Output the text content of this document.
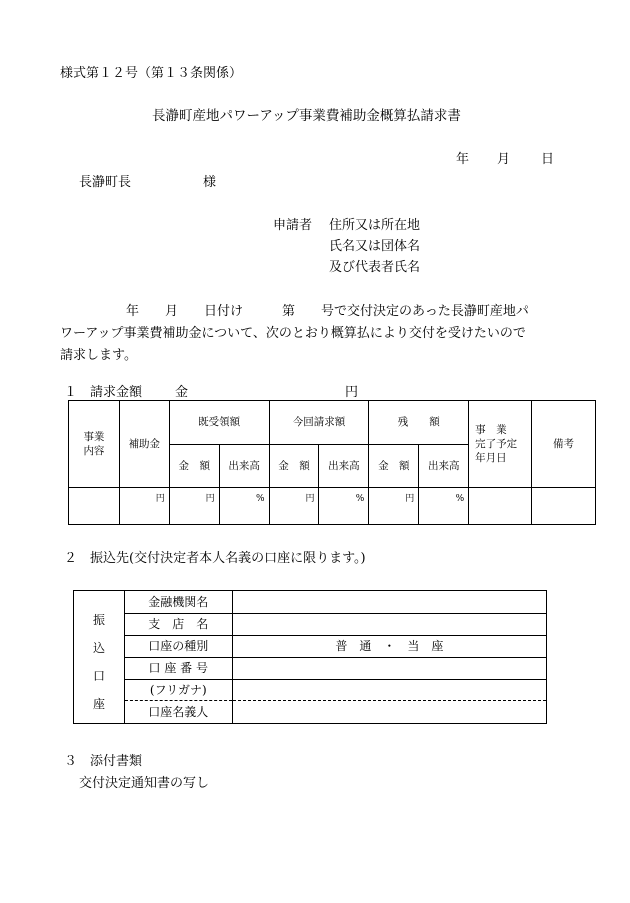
様式第１２号（第１３条関係）
長瀞町産地パワーアップ事業費補助金概算払請求書
年 月 日
長瀞町長	様
申請者 住所又は所在地
氏名又は団体名
及び代表者氏名
年　　月　　日付け　　　第　　号で交付決定のあった長瀞町産地パ
ワーアップ事業費補助金について、次のとおり概算払により交付を受けたいので
請求します。
１　請求金額	金	円
事業
内容	補助金	既受領額		今回請求額		残　　額		事　業
完了予定
年月日	備考
		金　額	出来高	金　額	出来高	金　額	出来高		
	円	円	%	円	%	円	%		
２　振込先(交付決定者本人名義の口座に限ります。)
振
込
口
座	金融機関名	
	支　店　名	
	口座の種別	普　通　・　当　座
	口 座 番 号	
	(フリガナ)	
	口座名義人	
３　添付書類
交付決定通知書の写し
